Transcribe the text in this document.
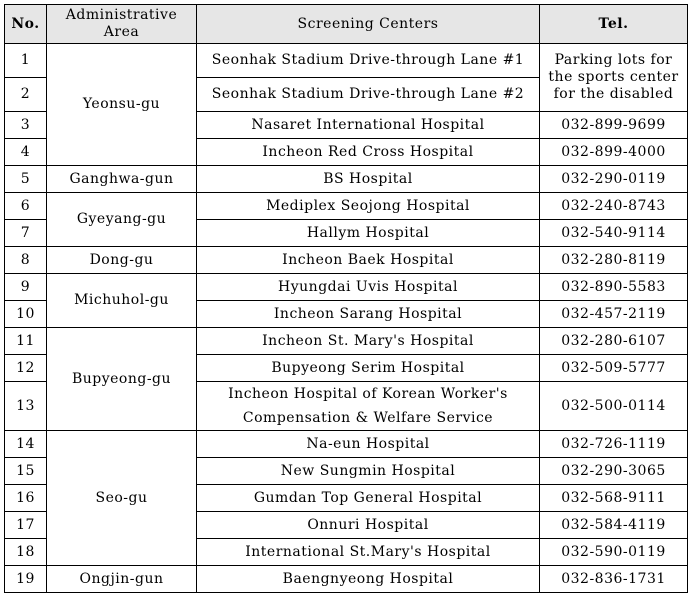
No.	Administrative Area	Screening Centers	Tel.
1	Yeonsu-gu	Seonhak Stadium Drive-through Lane #1	Parking lots for the sports center for the disabled
2		Seonhak Stadium Drive-through Lane #2	
3		Nasaret International Hospital	032-899-9699
4		Incheon Red Cross Hospital	032-899-4000
5	Ganghwa-gun	BS Hospital	032-290-0119
6	Gyeyang-gu	Mediplex Seojong Hospital	032-240-8743
7		Hallym Hospital	032-540-9114
8	Dong-gu	Incheon Baek Hospital	032-280-8119
9	Michuhol-gu	Hyungdai Uvis Hospital	032-890-5583
10		Incheon Sarang Hospital	032-457-2119
11	Bupyeong-gu	Incheon St. Mary's Hospital	032-280-6107
12		Bupyeong Serim Hospital	032-509-5777
13		Incheon Hospital of Korean Worker's Compensation & Welfare Service	032-500-0114
14	Seo-gu	Na-eun Hospital	032-726-1119
15		New Sungmin Hospital	032-290-3065
16		Gumdan Top General Hospital	032-568-9111
17		Onnuri Hospital	032-584-4119
18		International St.Mary's Hospital	032-590-0119
19	Ongjin-gun	Baengnyeong Hospital	032-836-1731
